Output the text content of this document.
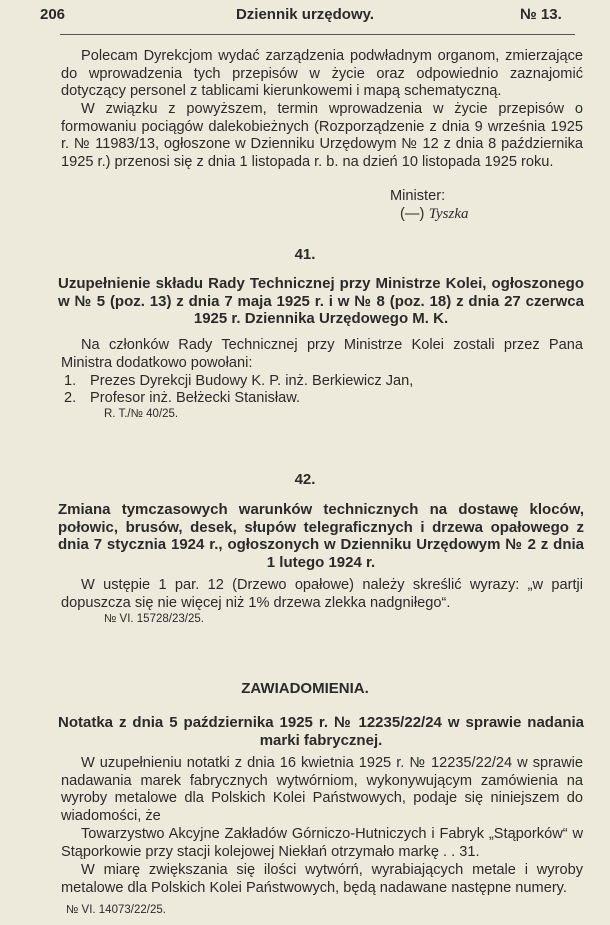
206	Dziennik urzędowy.	№ 13.
Polecam Dyrekcjom wydać zarządzenia podwładnym organom, zmierzające do wprowadzenia tych przepisów w życie oraz odpowiednio zaznajomić dotyczący personel z tablicami kierunkowemi i mapą schematyczną.
W związku z powyższem, termin wprowadzenia w życie przepisów o formowaniu pociągów dalekobieżnych (Rozporządzenie z dnia 9 września 1925 r. № 11983/13, ogłoszone w Dzienniku Urzędowym № 12 z dnia 8 października 1925 r.) przenosi się z dnia 1 listopada r. b. na dzień 10 listopada 1925 roku.
Minister:
(—) Tyszka
41.
Uzupełnienie składu Rady Technicznej przy Ministrze Kolei, ogłoszonego w № 5 (poz. 13) z dnia 7 maja 1925 r. i w № 8 (poz. 18) z dnia 27 czerwca 1925 r. Dziennika Urzędowego M. K.
Na członków Rady Technicznej przy Ministrze Kolei zostali przez Pana Ministra dodatkowo powołani:
1. Prezes Dyrekcji Budowy K. P. inż. Berkiewicz Jan,
2. Profesor inż. Bełżecki Stanisław.
R. T./№ 40/25.
42.
Zmiana tymczasowych warunków technicznych na dostawę kloców, połowic, brusów, desek, słupów telegraficznych i drzewa opałowego z dnia 7 stycznia 1924 r., ogłoszonych w Dzienniku Urzędowym № 2 z dnia 1 lutego 1924 r.
W ustępie 1 par. 12 (Drzewo opałowe) należy skreślić wyrazy: „w partji dopuszcza się nie więcej niż 1% drzewa zlekka nadgniłego“.
№ VI. 15728/23/25.
ZAWIADOMIENIA.
Notatka z dnia 5 października 1925 r. № 12235/22/24 w sprawie nadania marki fabrycznej.
W uzupełnieniu notatki z dnia 16 kwietnia 1925 r. № 12235/22/24 w sprawie nadawania marek fabrycznych wytwórniom, wykonywującym zamówienia na wyroby metalowe dla Polskich Kolei Państwowych, podaje się niniejszem do wiadomości, że
Towarzystwo Akcyjne Zakładów Górniczo-Hutniczych i Fabryk „Stąporków“ w Stąporkowie przy stacji kolejowej Niekłań otrzymało markę . . 31.
W miarę zwiększania się ilości wytwórń, wyrabiających metale i wyroby metalowe dla Polskich Kolei Państwowych, będą nadawane następne numery.
№ VI. 14073/22/25.
